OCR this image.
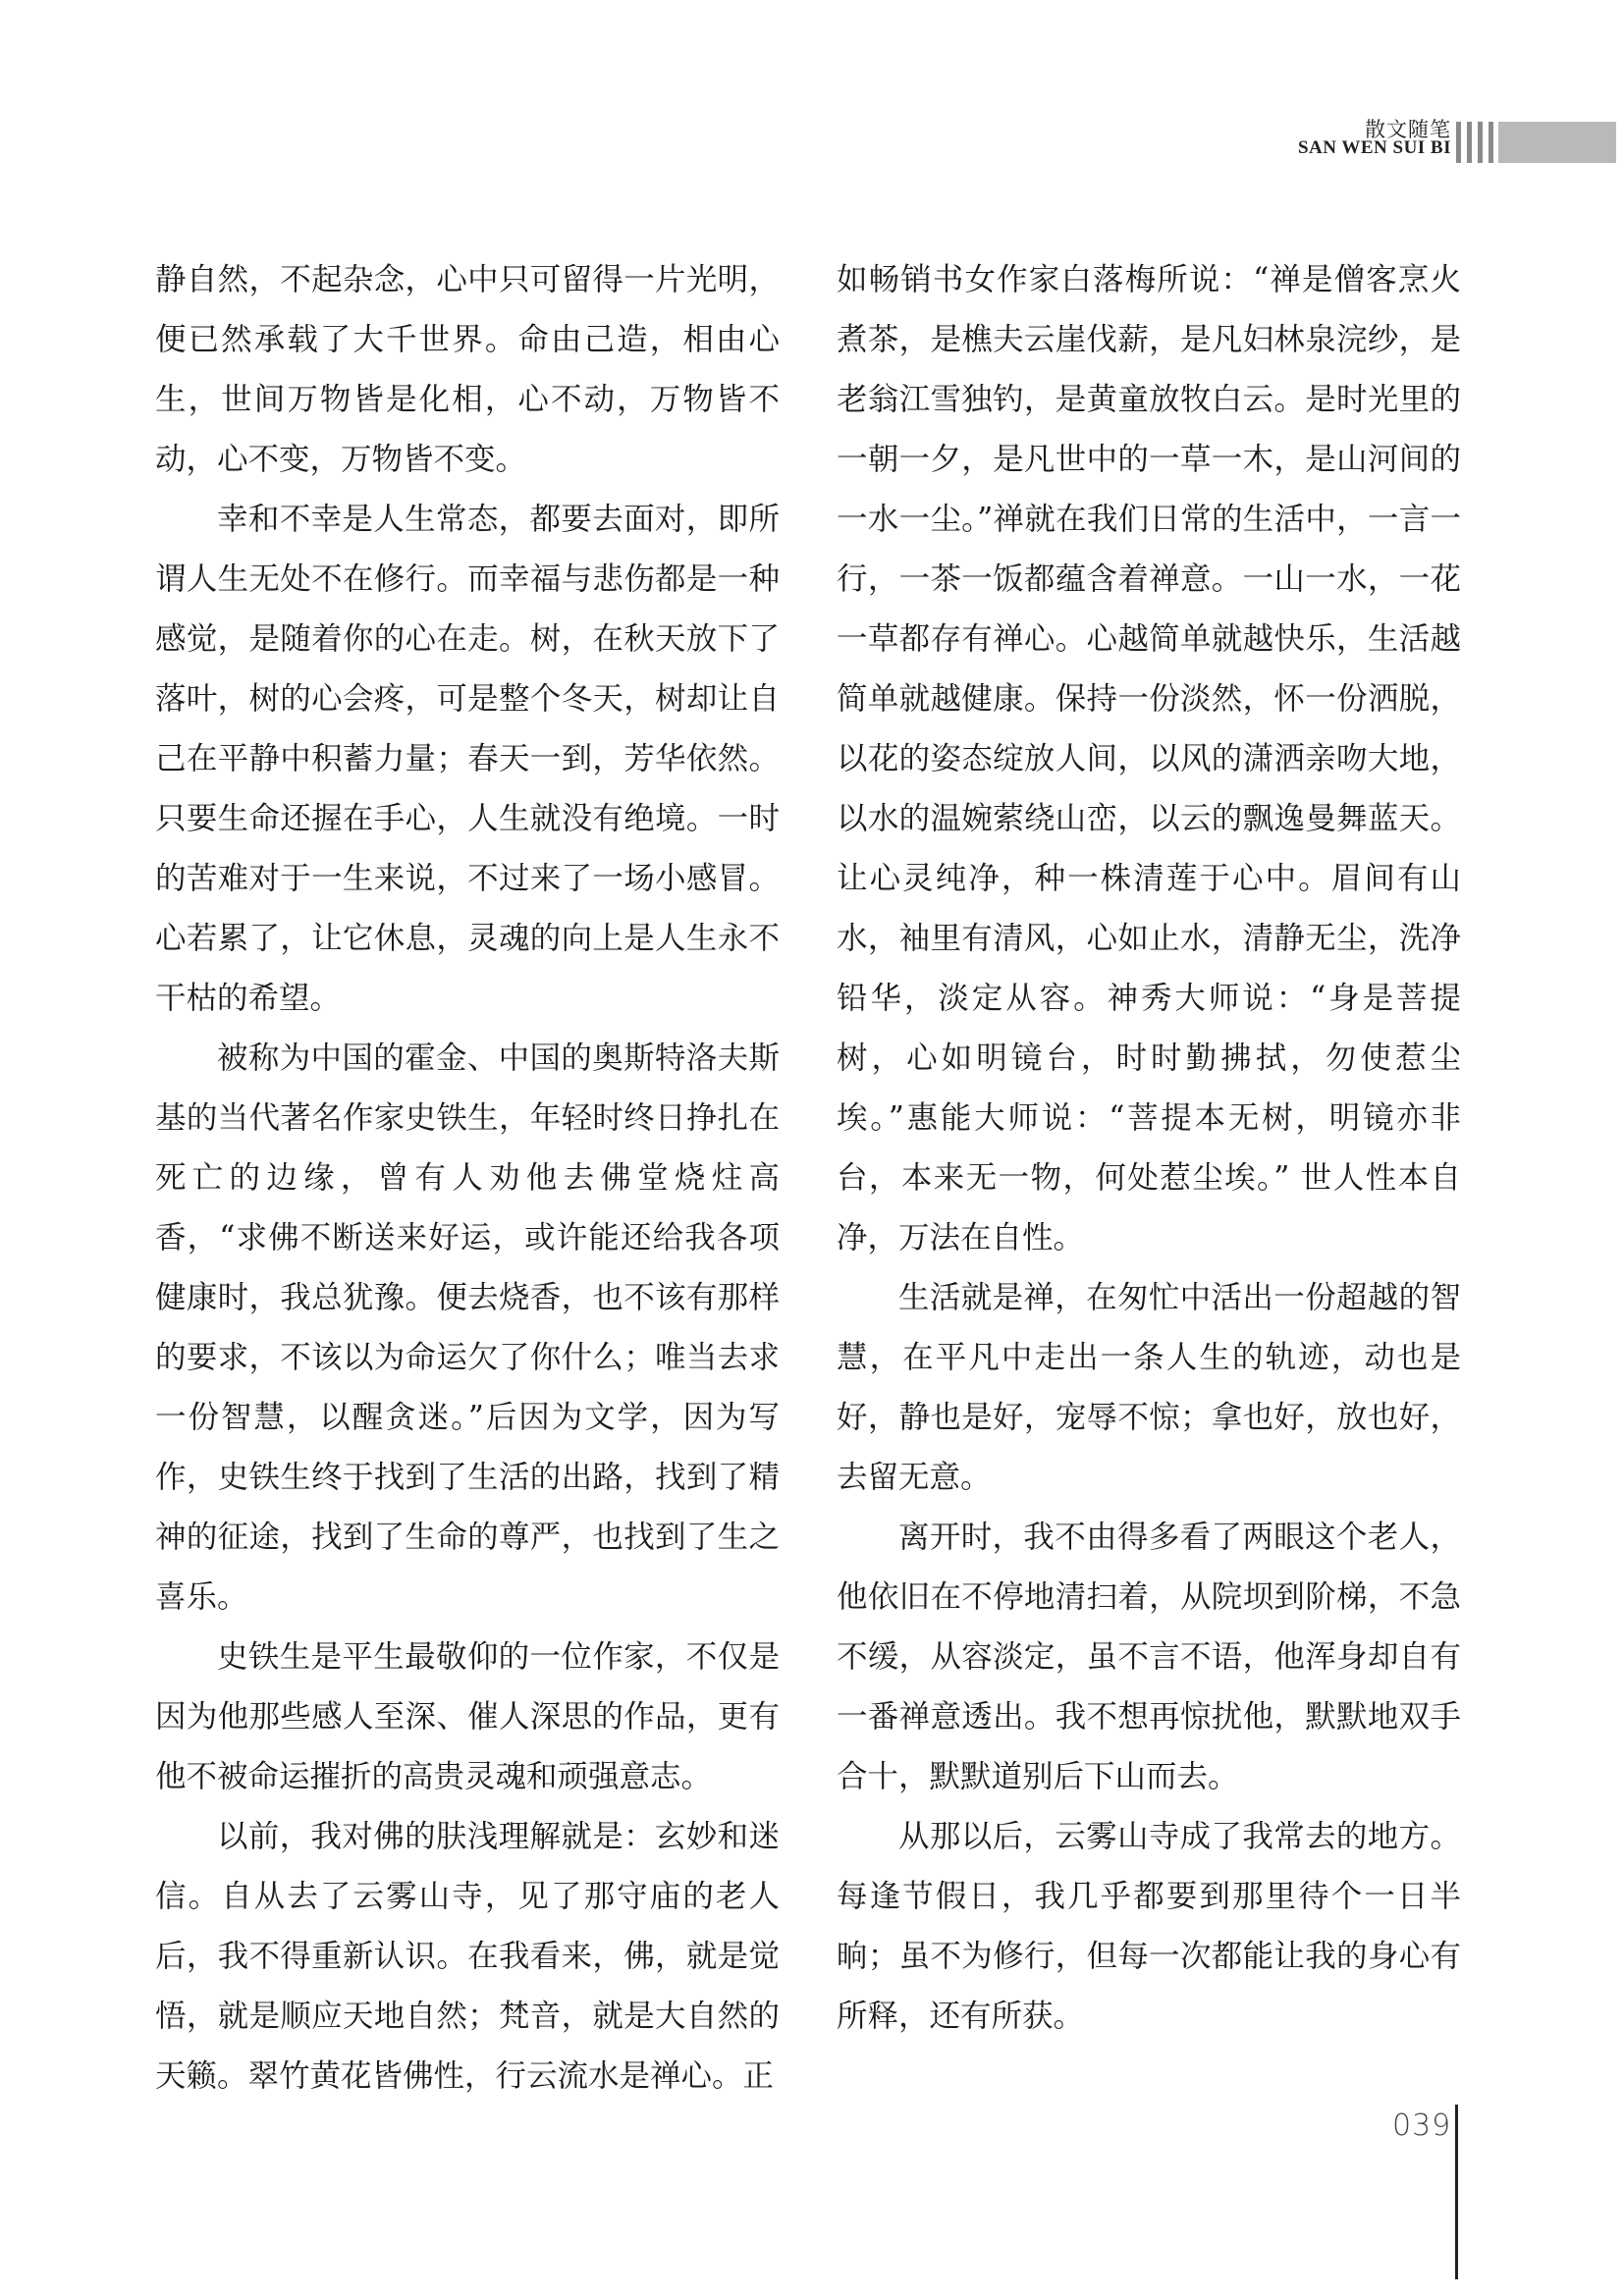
散文随笔
SAN WEN SUI BI

静自然，不起杂念，心中只可留得一片光明，便已然承载了大千世界。命由己造，相由心生，世间万物皆是化相，心不动，万物皆不动，心不变，万物皆不变。

幸和不幸是人生常态，都要去面对，即所谓人生无处不在修行。而幸福与悲伤都是一种感觉，是随着你的心在走。树，在秋天放下了落叶，树的心会疼，可是整个冬天，树却让自己在平静中积蓄力量；春天一到，芳华依然。只要生命还握在手心，人生就没有绝境。一时的苦难对于一生来说，不过来了一场小感冒。心若累了，让它休息，灵魂的向上是人生永不干枯的希望。

被称为中国的霍金、中国的奥斯特洛夫斯基的当代著名作家史铁生，年轻时终日挣扎在死亡的边缘，曾有人劝他去佛堂烧炷高香，“求佛不断送来好运，或许能还给我各项健康时，我总犹豫。便去烧香，也不该有那样的要求，不该以为命运欠了你什么；唯当去求一份智慧，以醒贪迷。”后因为文学，因为写作，史铁生终于找到了生活的出路，找到了精神的征途，找到了生命的尊严，也找到了生之喜乐。

史铁生是平生最敬仰的一位作家，不仅是因为他那些感人至深、催人深思的作品，更有他不被命运摧折的高贵灵魂和顽强意志。

以前，我对佛的肤浅理解就是：玄妙和迷信。自从去了云雾山寺，见了那守庙的老人后，我不得重新认识。在我看来，佛，就是觉悟，就是顺应天地自然；梵音，就是大自然的天籁。翠竹黄花皆佛性，行云流水是禅心。正

如畅销书女作家白落梅所说：“禅是僧客烹火煮茶，是樵夫云崖伐薪，是凡妇林泉浣纱，是老翁江雪独钓，是黄童放牧白云。是时光里的一朝一夕，是凡世中的一草一木，是山河间的一水一尘。”禅就在我们日常的生活中，一言一行，一茶一饭都蕴含着禅意。一山一水，一花一草都存有禅心。心越简单就越快乐，生活越简单就越健康。保持一份淡然，怀一份洒脱，以花的姿态绽放人间，以风的潇洒亲吻大地，以水的温婉萦绕山峦，以云的飘逸曼舞蓝天。让心灵纯净，种一株清莲于心中。眉间有山水，袖里有清风，心如止水，清静无尘，洗净铅华，淡定从容。神秀大师说：“身是菩提树，心如明镜台，时时勤拂拭，勿使惹尘埃。”惠能大师说：“菩提本无树，明镜亦非台，本来无一物，何处惹尘埃。” 世人性本自净，万法在自性。

生活就是禅，在匆忙中活出一份超越的智慧，在平凡中走出一条人生的轨迹，动也是好，静也是好，宠辱不惊；拿也好，放也好，去留无意。

离开时，我不由得多看了两眼这个老人，他依旧在不停地清扫着，从院坝到阶梯，不急不缓，从容淡定，虽不言不语，他浑身却自有一番禅意透出。我不想再惊扰他，默默地双手合十，默默道别后下山而去。

从那以后，云雾山寺成了我常去的地方。每逢节假日，我几乎都要到那里待个一日半晌；虽不为修行，但每一次都能让我的身心有所释，还有所获。

039
